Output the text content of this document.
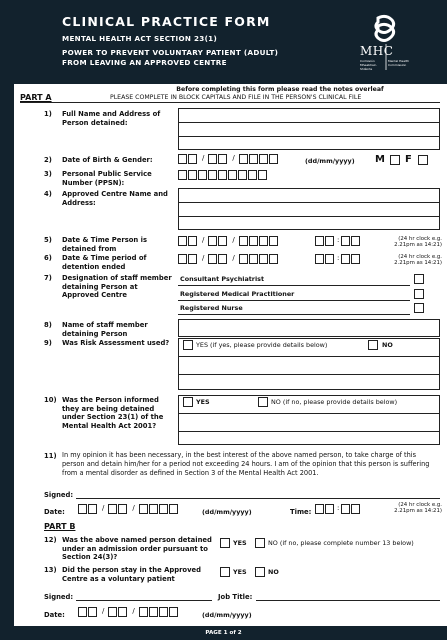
CLINICAL PRACTICE FORM
MENTAL HEALTH ACT SECTION 23(1)
POWER TO PREVENT VOLUNTARY PATIENT (ADULT)
FROM LEAVING AN APPROVED CENTRE
MHC
Coimisiún Mheabhair-Shláinte
Mental Health Commission
Before completing this form please read the notes overleaf
PLEASE COMPLETE IN BLOCK CAPITALS AND FILE IN THE PERSON'S CLINICAL FILE
PART A
1) Full Name and Address of Person detained:
2) Date of Birth & Gender:	/	/	(dd/mm/yyyy) M F
3) Personal Public Service Number (PPSN):
4) Approved Centre Name and Address:
5) Date & Time Person is detained from
/	/	:	(24 hr clock e.g. 2.21pm as 14:21)
6) Date & Time period of detention ended
/	/	:	(24 hr clock e.g. 2.21pm as 14:21)
7) Designation of staff member detaining Person at Approved Centre
Consultant Psychiatrist
Registered Medical Practitioner
Registered Nurse
8) Name of staff member detaining Person
9) Was Risk Assessment used?	YES (if yes, please provide details below)	NO
10) Was the Person informed they are being detained under Section 23(1) of the Mental Health Act 2001?
YES	NO (if no, please provide details below)
11) In my opinion it has been necessary, in the best interest of the above named person, to take charge of this person and detain him/her for a period not exceeding 24 hours. I am of the opinion that this person is suffering from a mental disorder as defined in Section 3 of the Mental Health Act 2001.
Signed:
Date:	/	/	(dd/mm/yyyy)	Time:	:	(24 hr clock e.g. 2.21pm as 14:21)
PART B
12) Was the above named person detained under an admission order pursuant to Section 24(3)?
YES	NO (if no, please complete number 13 below)
13) Did the person stay in the Approved Centre as a voluntary patient
YES	NO
Signed:	Job Title:
Date:	/	/	(dd/mm/yyyy)
PAGE 1 of 2
